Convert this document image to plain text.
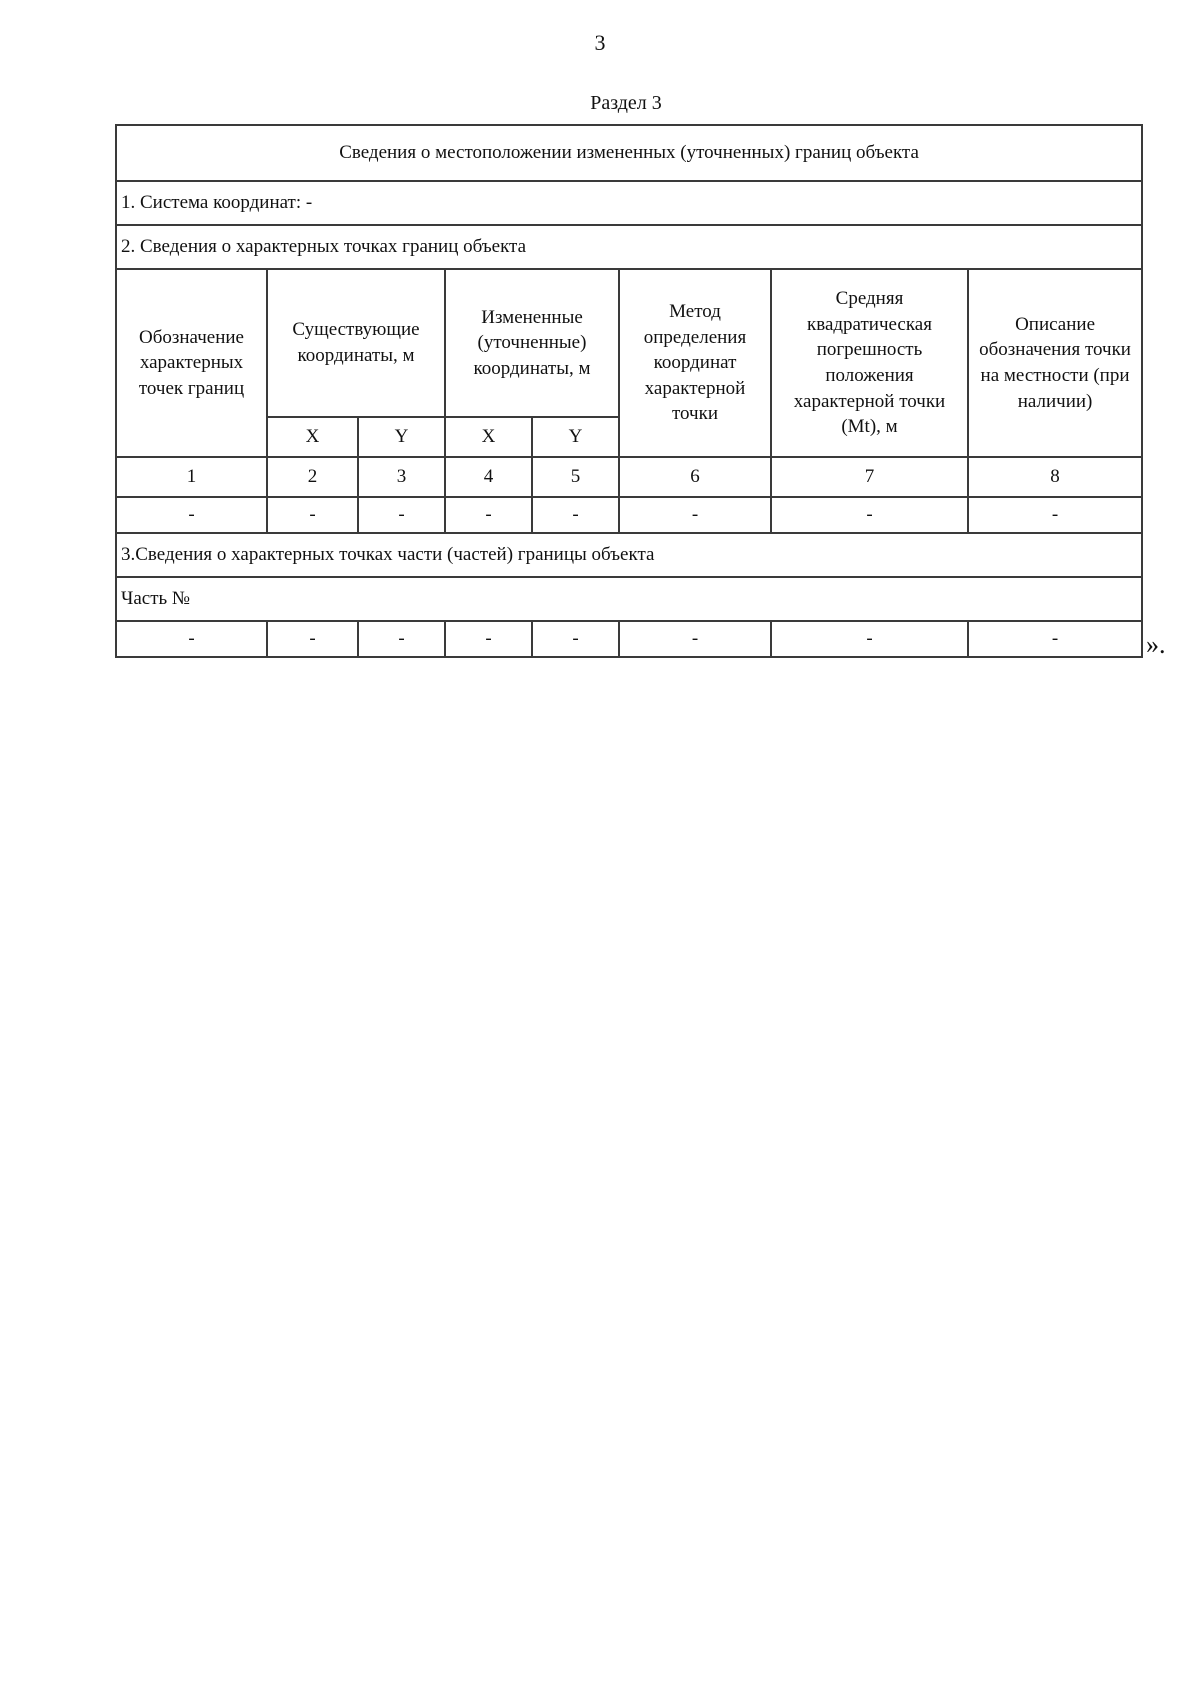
3
Раздел 3
Сведения о местоположении измененных (уточненных) границ объекта							
1. Система координат: -							
2. Сведения о характерных точках границ объекта							
Обозначение характерных точек границ	Существующие координаты, м		Измененные (уточненные) координаты, м		Метод определения координат характерной точки	Средняя квадратическая погрешность положения характерной точки (Mt), м	Описание обозначения точки на местности (при наличии)
	X	Y	X	Y			
1	2	3	4	5	6	7	8
-	-	-	-	-	-	-	-
3.Сведения о характерных точках части (частей) границы объекта							
Часть №							
-	-	-	-	-	-	-	-	».
